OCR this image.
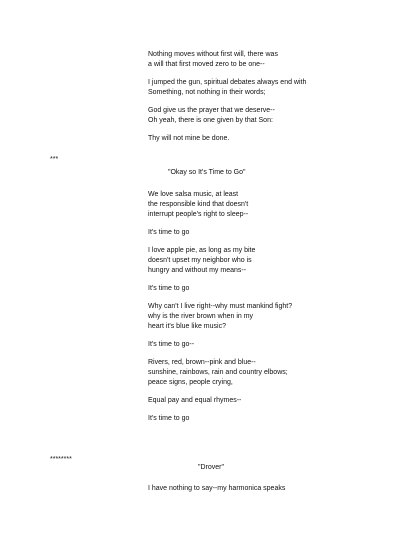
Nothing moves without first will, there was
a will that first moved zero to be one--
I jumped the gun, spiritual debates always end with
Something, not nothing in their words;
God give us the prayer that we deserve--
Oh yeah, there is one given by that Son:
Thy will not mine be done.
***
"Okay so It's Time to Go"
We love salsa music, at least
the responsible kind that doesn't
interrupt people's right to sleep--
It's time to go
I love apple pie, as long as my bite
doesn't upset my neighbor who is
hungry and without my means--
It's time to go
Why can't I live right--why must mankind fight?
why is the river brown when in my
heart it's blue like music?
It's time to go--
Rivers, red, brown--pink and blue--
sunshine, rainbows, rain and country elbows;
peace signs, people crying,
Equal pay and equal rhymes--
It's time to go
********
"Drover"
I have nothing to say--my harmonica speaks
